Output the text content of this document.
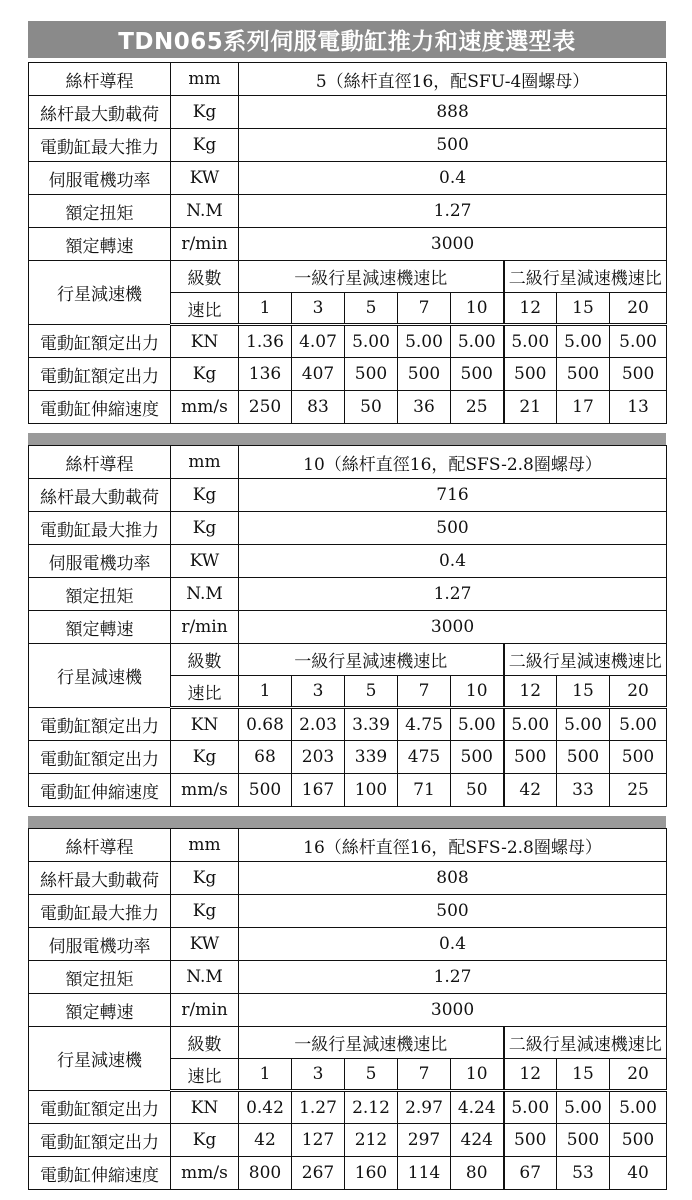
TDN065系列伺服電動缸推力和速度選型表
絲杆導程	mm	5（絲杆直徑16，配SFU-4圈螺母）							
絲杆最大動載荷	Kg	888							
電動缸最大推力	Kg	500							
伺服電機功率	KW	0.4							
額定扭矩	N.M	1.27							
額定轉速	r/min	3000							
行星減速機	級數	一級行星減速機速比					二級行星減速機速比		
	速比	1	3	5	7	10	12	15	20
電動缸額定出力	KN	1.36	4.07	5.00	5.00	5.00	5.00	5.00	5.00
電動缸額定出力	Kg	136	407	500	500	500	500	500	500
電動缸伸縮速度	mm/s	250	83	50	36	25	21	17	13
絲杆導程	mm	10（絲杆直徑16，配SFS-2.8圈螺母）							
絲杆最大動載荷	Kg	716							
電動缸最大推力	Kg	500							
伺服電機功率	KW	0.4							
額定扭矩	N.M	1.27							
額定轉速	r/min	3000							
行星減速機	級數	一級行星減速機速比					二級行星減速機速比		
	速比	1	3	5	7	10	12	15	20
電動缸額定出力	KN	0.68	2.03	3.39	4.75	5.00	5.00	5.00	5.00
電動缸額定出力	Kg	68	203	339	475	500	500	500	500
電動缸伸縮速度	mm/s	500	167	100	71	50	42	33	25
絲杆導程	mm	16（絲杆直徑16，配SFS-2.8圈螺母）							
絲杆最大動載荷	Kg	808							
電動缸最大推力	Kg	500							
伺服電機功率	KW	0.4							
額定扭矩	N.M	1.27							
額定轉速	r/min	3000							
行星減速機	級數	一級行星減速機速比					二級行星減速機速比		
	速比	1	3	5	7	10	12	15	20
電動缸額定出力	KN	0.42	1.27	2.12	2.97	4.24	5.00	5.00	5.00
電動缸額定出力	Kg	42	127	212	297	424	500	500	500
電動缸伸縮速度	mm/s	800	267	160	114	80	67	53	40
